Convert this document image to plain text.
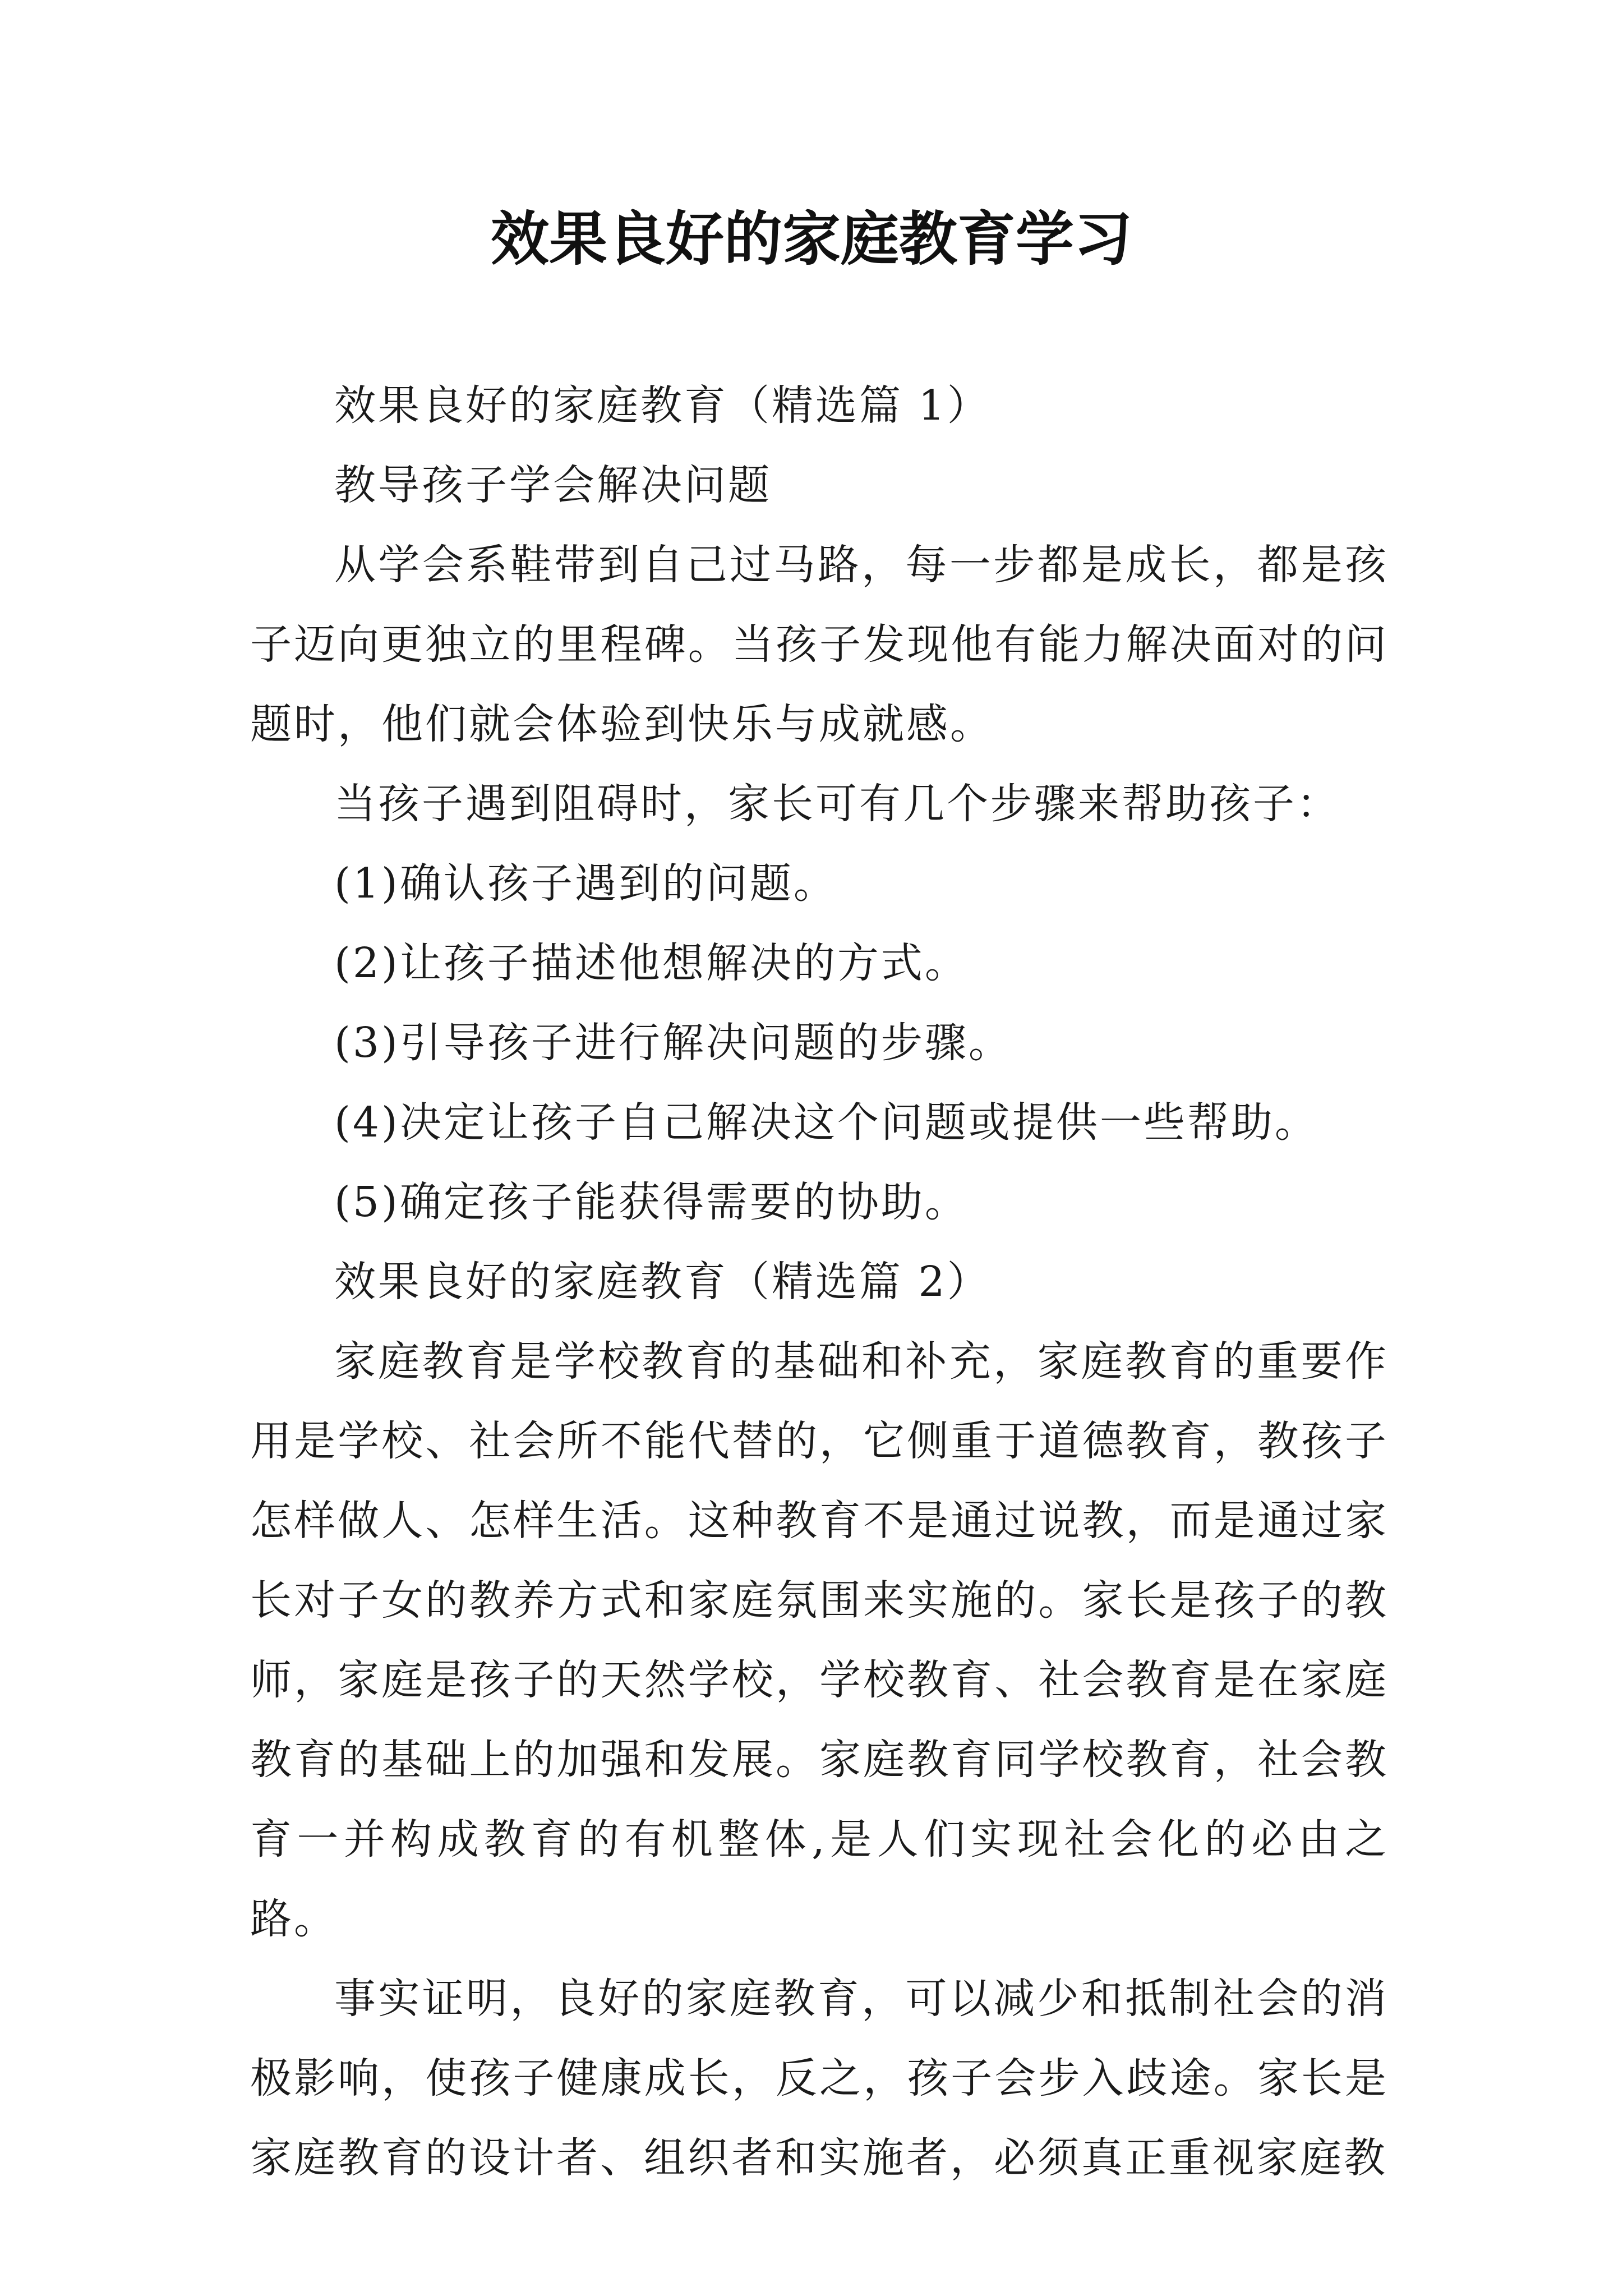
效果良好的家庭教育学习

效果良好的家庭教育（精选篇 1）

教导孩子学会解决问题

从学会系鞋带到自己过马路，每一步都是成长，都是孩子迈向更独立的里程碑。当孩子发现他有能力解决面对的问题时，他们就会体验到快乐与成就感。

当孩子遇到阻碍时，家长可有几个步骤来帮助孩子：

(1)确认孩子遇到的问题。

(2)让孩子描述他想解决的方式。

(3)引导孩子进行解决问题的步骤。

(4)决定让孩子自己解决这个问题或提供一些帮助。

(5)确定孩子能获得需要的协助。

效果良好的家庭教育（精选篇 2）

家庭教育是学校教育的基础和补充，家庭教育的重要作用是学校、社会所不能代替的，它侧重于道德教育，教孩子怎样做人、怎样生活。这种教育不是通过说教，而是通过家长对子女的教养方式和家庭氛围来实施的。家长是孩子的教师，家庭是孩子的天然学校，学校教育、社会教育是在家庭教育的基础上的加强和发展。家庭教育同学校教育，社会教育一并构成教育的有机整体,是人们实现社会化的必由之路。

事实证明，良好的家庭教育，可以减少和抵制社会的消极影响，使孩子健康成长，反之，孩子会步入歧途。家长是家庭教育的设计者、组织者和实施者，必须真正重视家庭教
